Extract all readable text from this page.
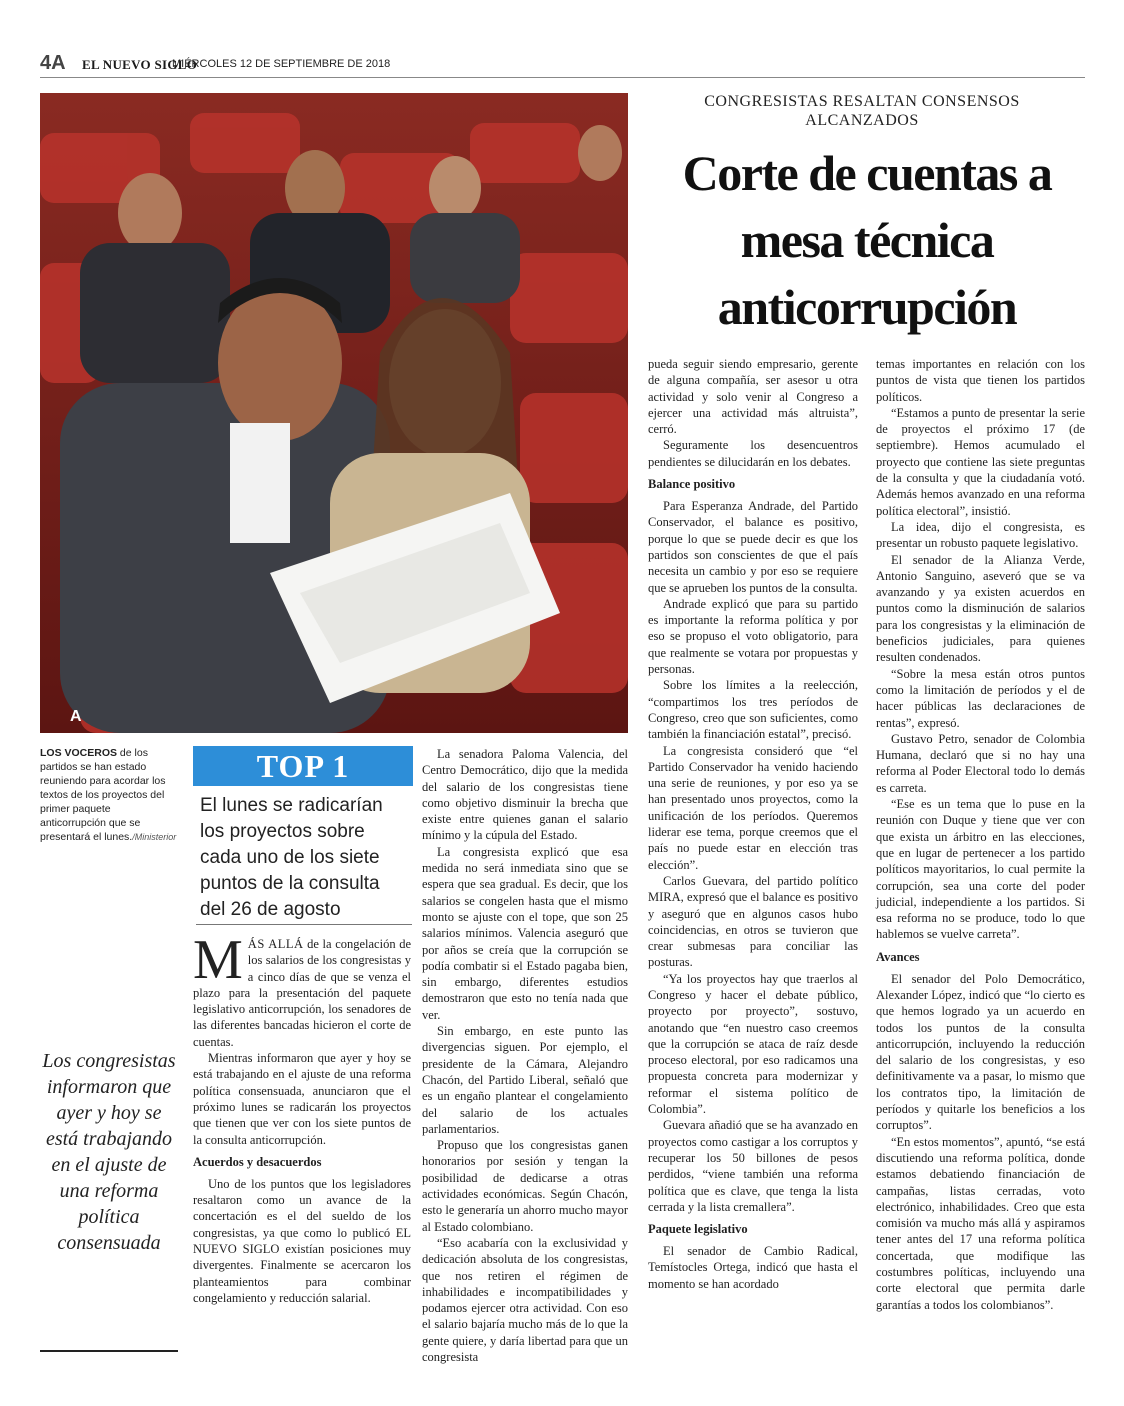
4A EL NUEVO SIGLO
MIÉRCOLES 12 DE SEPTIEMBRE DE 2018
A
LOS VOCEROS de los partidos se han estado reuniendo para acordar los textos de los proyectos del primer paquete anticorrupción que se presentará el lunes./Ministerior
Los congresistas informaron que ayer y hoy se está trabajando en el ajuste de una reforma política consensuada
TOP 1
El lunes se radicarían los proyectos sobre cada uno de los siete puntos de la consulta del 26 de agosto
CONGRESISTAS RESALTAN CONSENSOS ALCANZADOS
Corte de cuentas a mesa técnica anticorrupción

MÁS ALLÁ de la congelación de los salarios de los congresistas y a cinco días de que se venza el plazo para la presentación del paquete legislativo anticorrupción, los senadores de las diferentes bancadas hicieron el corte de cuentas.

Mientras informaron que ayer y hoy se está trabajando en el ajuste de una reforma política consensuada, anunciaron que el próximo lunes se radicarán los proyectos que tienen que ver con los siete puntos de la consulta anticorrupción.

Acuerdos y desacuerdos

Uno de los puntos que los legisladores resaltaron como un avance de la concertación es el del sueldo de los congresistas, ya que como lo publicó EL NUEVO SIGLO existían posiciones muy divergentes. Finalmente se acercaron los planteamientos para combinar congelamiento y reducción salarial.

La senadora Paloma Valencia, del Centro Democrático, dijo que la medida del salario de los congresistas tiene como objetivo disminuir la brecha que existe entre quienes ganan el salario mínimo y la cúpula del Estado.

La congresista explicó que esa medida no será inmediata sino que se espera que sea gradual. Es decir, que los salarios se congelen hasta que el mismo monto se ajuste con el tope, que son 25 salarios mínimos. Valencia aseguró que por años se creía que la corrupción se podía combatir si el Estado pagaba bien, sin embargo, diferentes estudios demostraron que esto no tenía nada que ver.

Sin embargo, en este punto las divergencias siguen. Por ejemplo, el presidente de la Cámara, Alejandro Chacón, del Partido Liberal, señaló que es un engaño plantear el congelamiento del salario de los actuales parlamentarios.

Propuso que los congresistas ganen honorarios por sesión y tengan la posibilidad de dedicarse a otras actividades económicas. Según Chacón, esto le generaría un ahorro mucho mayor al Estado colombiano.

“Eso acabaría con la exclusividad y dedicación absoluta de los congresistas, que nos retiren el régimen de inhabilidades e incompatibilidades y podamos ejercer otra actividad. Con eso el salario bajaría mucho más de lo que la gente quiere, y daría libertad para que un congresista

pueda seguir siendo empresario, gerente de alguna compañía, ser asesor u otra actividad y solo venir al Congreso a ejercer una actividad más altruista”, cerró.

Seguramente los desencuentros pendientes se dilucidarán en los debates.

Balance positivo

Para Esperanza Andrade, del Partido Conservador, el balance es positivo, porque lo que se puede decir es que los partidos son conscientes de que el país necesita un cambio y por eso se requiere que se aprueben los puntos de la consulta.

Andrade explicó que para su partido es importante la reforma política y por eso se propuso el voto obligatorio, para que realmente se votara por propuestas y personas.

Sobre los límites a la reelección, “compartimos los tres períodos de Congreso, creo que son suficientes, como también la financiación estatal”, precisó.

La congresista consideró que “el Partido Conservador ha venido haciendo una serie de reuniones, y por eso ya se han presentado unos proyectos, como la unificación de los períodos. Queremos liderar ese tema, porque creemos que el país no puede estar en elección tras elección”.

Carlos Guevara, del partido político MIRA, expresó que el balance es positivo y aseguró que en algunos casos hubo coincidencias, en otros se tuvieron que crear submesas para conciliar las posturas.

“Ya los proyectos hay que traerlos al Congreso y hacer el debate público, proyecto por proyecto”, sostuvo, anotando que “en nuestro caso creemos que la corrupción se ataca de raíz desde proceso electoral, por eso radicamos una propuesta concreta para modernizar y reformar el sistema político de Colombia”.

Guevara añadió que se ha avanzado en proyectos como castigar a los corruptos y recuperar los 50 billones de pesos perdidos, “viene también una reforma política que es clave, que tenga la lista cerrada y la lista cremallera”.

Paquete legislativo

El senador de Cambio Radical, Temístocles Ortega, indicó que hasta el momento se han acordado

temas importantes en relación con los puntos de vista que tienen los partidos políticos.

“Estamos a punto de presentar la serie de proyectos el próximo 17 (de septiembre). Hemos acumulado el proyecto que contiene las siete preguntas de la consulta y que la ciudadanía votó. Además hemos avanzado en una reforma política electoral”, insistió.

La idea, dijo el congresista, es presentar un robusto paquete legislativo.

El senador de la Alianza Verde, Antonio Sanguino, aseveró que se va avanzando y ya existen acuerdos en puntos como la disminución de salarios para los congresistas y la eliminación de beneficios judiciales, para quienes resulten condenados.

“Sobre la mesa están otros puntos como la limitación de períodos y el de hacer públicas las declaraciones de rentas”, expresó.

Gustavo Petro, senador de Colombia Humana, declaró que si no hay una reforma al Poder Electoral todo lo demás es carreta.

“Ese es un tema que lo puse en la reunión con Duque y tiene que ver con que exista un árbitro en las elecciones, que en lugar de pertenecer a los partido políticos mayoritarios, lo cual permite la corrupción, sea una corte del poder judicial, independiente a los partidos. Si esa reforma no se produce, todo lo que hablemos se vuelve carreta”.

Avances

El senador del Polo Democrático, Alexander López, indicó que “lo cierto es que hemos logrado ya un acuerdo en todos los puntos de la consulta anticorrupción, incluyendo la reducción del salario de los congresistas, y eso definitivamente va a pasar, lo mismo que los contratos tipo, la limitación de períodos y quitarle los beneficios a los corruptos”.

“En estos momentos”, apuntó, “se está discutiendo una reforma política, donde estamos debatiendo financiación de campañas, listas cerradas, voto electrónico, inhabilidades. Creo que esta comisión va mucho más allá y aspiramos tener antes del 17 una reforma política concertada, que modifique las costumbres políticas, incluyendo una corte electoral que permita darle garantías a todos los colombianos”.
